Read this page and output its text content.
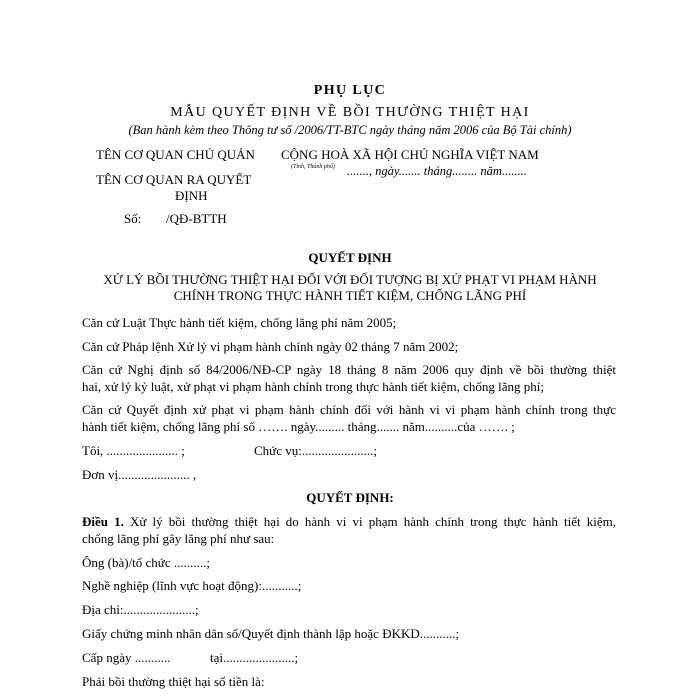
PHỤ LỤC
MẪU QUYẾT ĐỊNH VỀ BỒI THƯỜNG THIỆT HẠI
(Ban hành kèm theo Thông tư số /2006/TT-BTC ngày tháng năm 2006 của Bộ Tài chính)
TÊN CƠ QUAN CHỦ QUẢN
TÊN CƠ QUAN RA QUYẾT
ĐỊNH
Số: /QĐ-BTTH
CỘNG HOÀ XÃ HỘI CHỦ NGHĨA VIỆT NAM
(Tỉnh, Thành phố) ......., ngày....... tháng........ năm........
QUYẾT ĐỊNH
XỬ LÝ BỒI THƯỜNG THIỆT HẠI ĐỐI VỚI ĐỐI TƯỢNG BỊ XỬ PHẠT VI PHẠM HÀNH
CHÍNH TRONG THỰC HÀNH TIẾT KIỆM, CHỐNG LÃNG PHÍ
Căn cứ Luật Thực hành tiết kiệm, chống lãng phí năm 2005;
Căn cứ Pháp lệnh Xử lý vi phạm hành chính ngày 02 tháng 7 năm 2002;
Căn cứ Nghị định số 84/2006/NĐ-CP ngày 18 tháng 8 năm 2006 quy định về bồi thường thiệt
hai, xử lý kỷ luật, xử phạt vi phạm hành chính trong thực hành tiết kiệm, chống lãng phí;
Căn cứ Quyết định xử phạt vi phạm hành chính đối với hành vi vi phạm hành chính trong thực
hành tiết kiệm, chống lãng phí số ……. ngày......... tháng....... năm..........của ……. ;
Tôi, ...................... ;	Chức vụ:......................;
Đơn vị...................... ,
QUYẾT ĐỊNH:
Điều 1. Xử lý bồi thường thiệt hại do hành vi vi phạm hành chính trong thực hành tiết kiệm,
chống lãng phí gây lãng phí như sau:
Ông (bà)/tổ chức ..........;
Nghề nghiệp (lĩnh vực hoạt động):...........;
Địa chỉ:......................;
Giấy chứng minh nhân dân số/Quyết định thành lập hoặc ĐKKD...........;
Cấp ngày ...........	tại......................;
Phải bồi thường thiệt hại số tiền là:
